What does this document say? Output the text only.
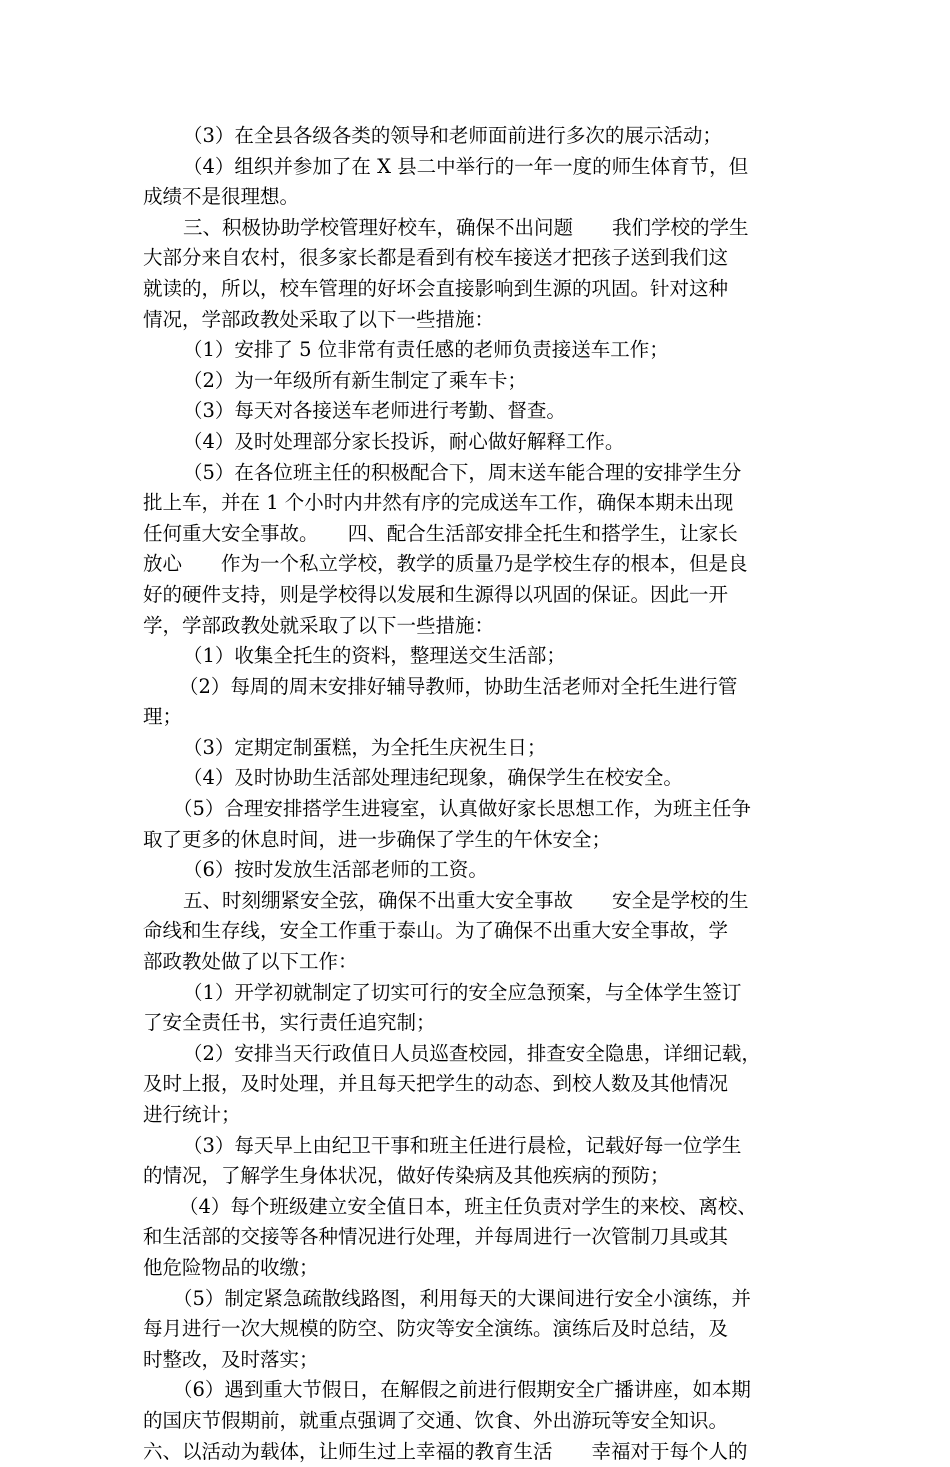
（3）在全县各级各类的领导和老师面前进行多次的展示活动；
（4）组织并参加了在 X 县二中举行的一年一度的师生体育节，但
成绩不是很理想。
三、积极协助学校管理好校车，确保不出问题　　我们学校的学生
大部分来自农村，很多家长都是看到有校车接送才把孩子送到我们这
就读的，所以，校车管理的好坏会直接影响到生源的巩固。针对这种
情况，学部政教处采取了以下一些措施：
（1）安排了 5 位非常有责任感的老师负责接送车工作；
（2）为一年级所有新生制定了乘车卡；
（3）每天对各接送车老师进行考勤、督查。
（4）及时处理部分家长投诉，耐心做好解释工作。
（5）在各位班主任的积极配合下，周末送车能合理的安排学生分
批上车，并在 1 个小时内井然有序的完成送车工作，确保本期未出现
任何重大安全事故。　　四、配合生活部安排全托生和搭学生，让家长
放心　　作为一个私立学校，教学的质量乃是学校生存的根本，但是良
好的硬件支持，则是学校得以发展和生源得以巩固的保证。因此一开
学，学部政教处就采取了以下一些措施：
（1）收集全托生的资料，整理送交生活部；
（2）每周的周末安排好辅导教师，协助生活老师对全托生进行管
理；
（3）定期定制蛋糕，为全托生庆祝生日；
（4）及时协助生活部处理违纪现象，确保学生在校安全。
（5）合理安排搭学生进寝室，认真做好家长思想工作，为班主任争
取了更多的休息时间，进一步确保了学生的午休安全；
（6）按时发放生活部老师的工资。
五、时刻绷紧安全弦，确保不出重大安全事故　　安全是学校的生
命线和生存线，安全工作重于泰山。为了确保不出重大安全事故，学
部政教处做了以下工作：
（1）开学初就制定了切实可行的安全应急预案，与全体学生签订
了安全责任书，实行责任追究制；
（2）安排当天行政值日人员巡查校园，排查安全隐患，详细记载，
及时上报，及时处理，并且每天把学生的动态、到校人数及其他情况
进行统计；
（3）每天早上由纪卫干事和班主任进行晨检，记载好每一位学生
的情况，了解学生身体状况，做好传染病及其他疾病的预防；
（4）每个班级建立安全值日本，班主任负责对学生的来校、离校、
和生活部的交接等各种情况进行处理，并每周进行一次管制刀具或其
他危险物品的收缴；
（5）制定紧急疏散线路图，利用每天的大课间进行安全小演练，并
每月进行一次大规模的防空、防灾等安全演练。演练后及时总结，及
时整改，及时落实；
（6）遇到重大节假日，在解假之前进行假期安全广播讲座，如本期
的国庆节假期前，就重点强调了交通、饮食、外出游玩等安全知识。
六、以活动为载体，让师生过上幸福的教育生活　　幸福对于每个人的
